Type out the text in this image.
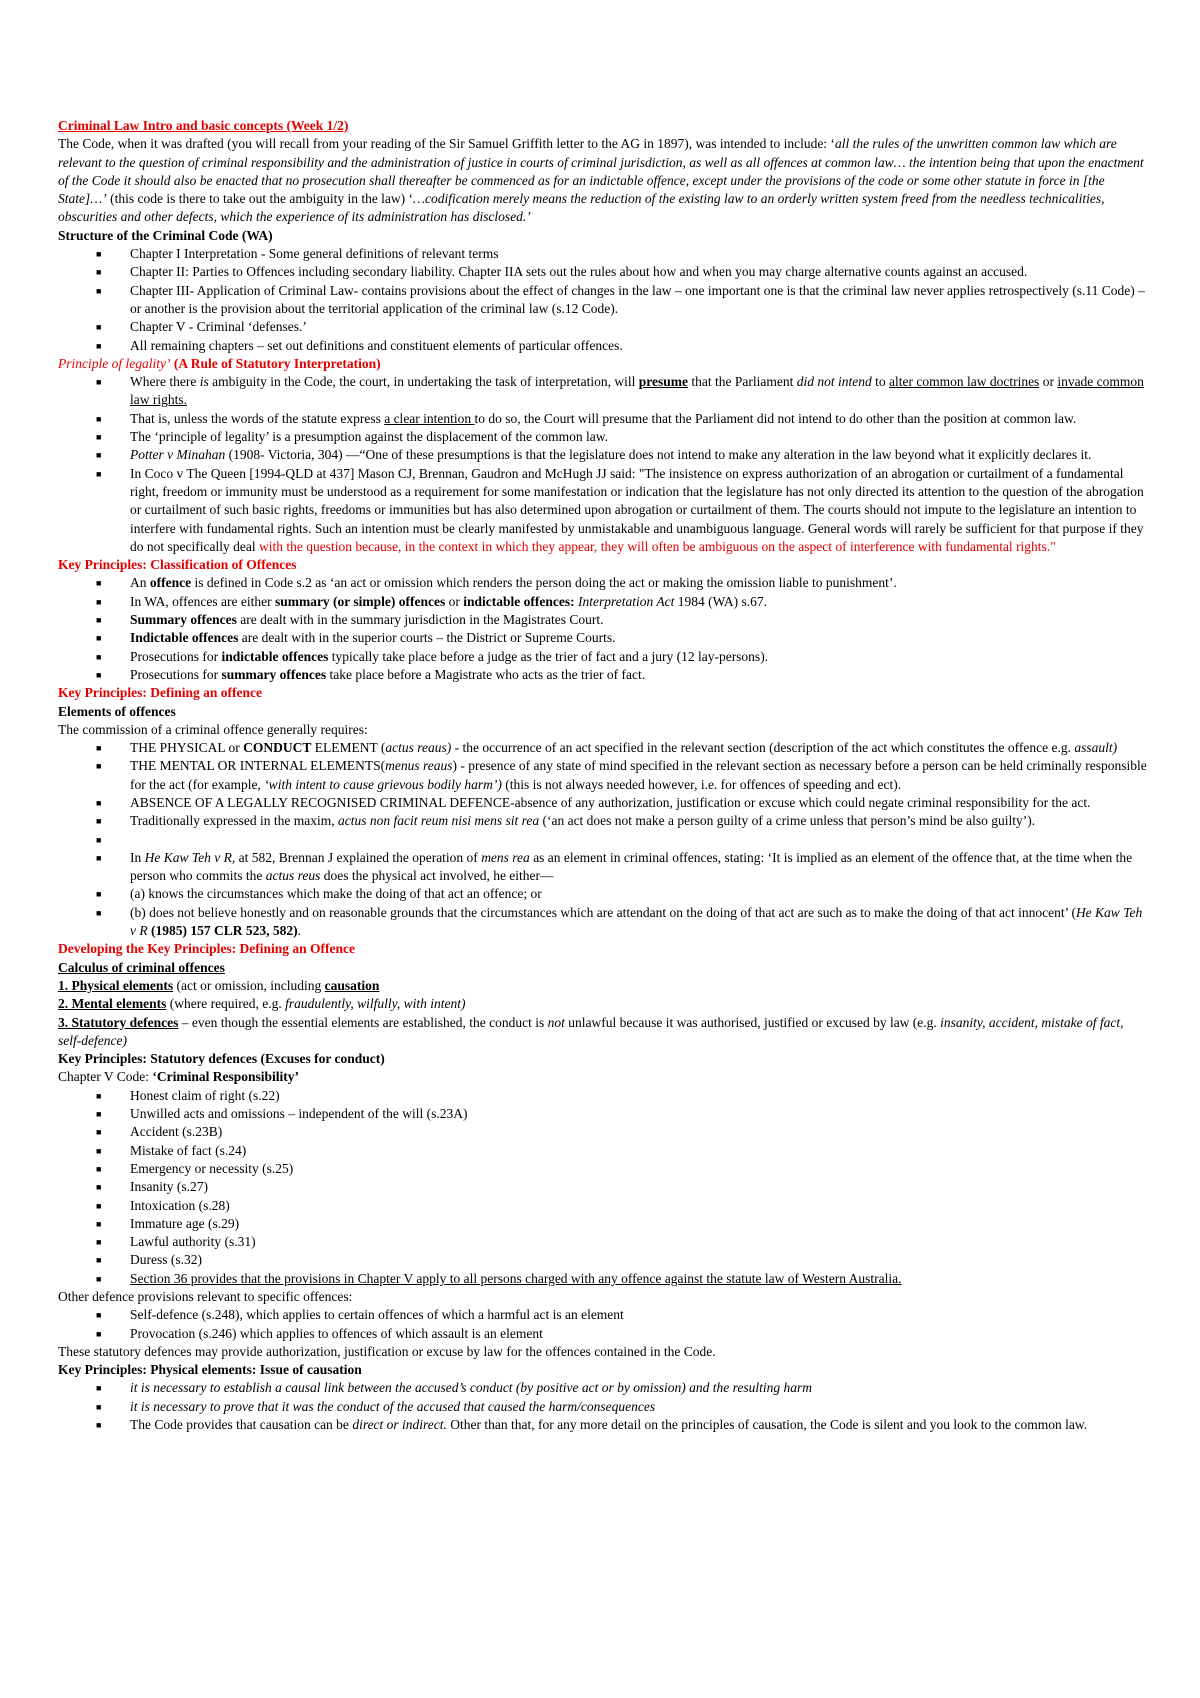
Criminal Law Intro and basic concepts (Week 1/2)

The Code, when it was drafted (you will recall from your reading of the Sir Samuel Griffith letter to the AG in 1897), was intended to include: ‘all the rules of the unwritten common law which are relevant to the question of criminal responsibility and the administration of justice in courts of criminal jurisdiction, as well as all offences at common law… the intention being that upon the enactment of the Code it should also be enacted that no prosecution shall thereafter be commenced as for an indictable offence, except under the provisions of the code or some other statute in force in [the State]…’ (this code is there to take out the ambiguity in the law) ‘…codification merely means the reduction of the existing law to an orderly written system freed from the needless technicalities, obscurities and other defects, which the experience of its administration has disclosed.’

Structure of the Criminal Code (WA)

■ Chapter I Interpretation - Some general definitions of relevant terms
■ Chapter II: Parties to Offences including secondary liability. Chapter IIA sets out the rules about how and when you may charge alternative counts against an accused.
■ Chapter III- Application of Criminal Law- contains provisions about the effect of changes in the law – one important one is that the criminal law never applies retrospectively (s.11 Code) – or another is the provision about the territorial application of the criminal law (s.12 Code).
■ Chapter V - Criminal ‘defenses.’
■ All remaining chapters – set out definitions and constituent elements of particular offences.

Principle of legality’ (A Rule of Statutory Interpretation)

■ Where there is ambiguity in the Code, the court, in undertaking the task of interpretation, will presume that the Parliament did not intend to alter common law doctrines or invade common law rights.
■ That is, unless the words of the statute express a clear intention to do so, the Court will presume that the Parliament did not intend to do other than the position at common law.
■ The ‘principle of legality’ is a presumption against the displacement of the common law.
■ Potter v Minahan (1908- Victoria, 304) —“One of these presumptions is that the legislature does not intend to make any alteration in the law beyond what it explicitly declares it.
■ In Coco v The Queen [1994-QLD at 437] Mason CJ, Brennan, Gaudron and McHugh JJ said: "The insistence on express authorization of an abrogation or curtailment of a fundamental right, freedom or immunity must be understood as a requirement for some manifestation or indication that the legislature has not only directed its attention to the question of the abrogation or curtailment of such basic rights, freedoms or immunities but has also determined upon abrogation or curtailment of them. The courts should not impute to the legislature an intention to interfere with fundamental rights. Such an intention must be clearly manifested by unmistakable and unambiguous language. General words will rarely be sufficient for that purpose if they do not specifically deal with the question because, in the context in which they appear, they will often be ambiguous on the aspect of interference with fundamental rights."

Key Principles: Classification of Offences

■ An offence is defined in Code s.2 as ‘an act or omission which renders the person doing the act or making the omission liable to punishment’.
■ In WA, offences are either summary (or simple) offences or indictable offences: Interpretation Act 1984 (WA) s.67.
■ Summary offences are dealt with in the summary jurisdiction in the Magistrates Court.
■ Indictable offences are dealt with in the superior courts – the District or Supreme Courts.
■ Prosecutions for indictable offences typically take place before a judge as the trier of fact and a jury (12 lay-persons).
■ Prosecutions for summary offences take place before a Magistrate who acts as the trier of fact.

Key Principles: Defining an offence

Elements of offences

The commission of a criminal offence generally requires:

■ THE PHYSICAL or CONDUCT ELEMENT (actus reaus) - the occurrence of an act specified in the relevant section (description of the act which constitutes the offence e.g. assault)
■ THE MENTAL OR INTERNAL ELEMENTS(menus reaus) - presence of any state of mind specified in the relevant section as necessary before a person can be held criminally responsible for the act (for example, ‘with intent to cause grievous bodily harm’) (this is not always needed however, i.e. for offences of speeding and ect).
■ ABSENCE OF A LEGALLY RECOGNISED CRIMINAL DEFENCE-absence of any authorization, justification or excuse which could negate criminal responsibility for the act.
■ Traditionally expressed in the maxim, actus non facit reum nisi mens sit rea (‘an act does not make a person guilty of a crime unless that person’s mind be also guilty’).
■

■ In He Kaw Teh v R, at 582, Brennan J explained the operation of mens rea as an element in criminal offences, stating: ‘It is implied as an element of the offence that, at the time when the person who commits the actus reus does the physical act involved, he either—
■ (a) knows the circumstances which make the doing of that act an offence; or
■ (b) does not believe honestly and on reasonable grounds that the circumstances which are attendant on the doing of that act are such as to make the doing of that act innocent’ (He Kaw Teh v R (1985) 157 CLR 523, 582).

Developing the Key Principles: Defining an Offence

Calculus of criminal offences

1. Physical elements (act or omission, including causation

2. Mental elements (where required, e.g. fraudulently, wilfully, with intent)

3. Statutory defences – even though the essential elements are established, the conduct is not unlawful because it was authorised, justified or excused by law (e.g. insanity, accident, mistake of fact, self-defence)

Key Principles: Statutory defences (Excuses for conduct)

Chapter V Code: ‘Criminal Responsibility’

■ Honest claim of right (s.22)
■ Unwilled acts and omissions – independent of the will (s.23A)
■ Accident (s.23B)
■ Mistake of fact (s.24)
■ Emergency or necessity (s.25)
■ Insanity (s.27)
■ Intoxication (s.28)
■ Immature age (s.29)
■ Lawful authority (s.31)
■ Duress (s.32)
■ Section 36 provides that the provisions in Chapter V apply to all persons charged with any offence against the statute law of Western Australia.

Other defence provisions relevant to specific offences:

■ Self-defence (s.248), which applies to certain offences of which a harmful act is an element
■ Provocation (s.246) which applies to offences of which assault is an element

These statutory defences may provide authorization, justification or excuse by law for the offences contained in the Code.

Key Principles: Physical elements: Issue of causation

■ it is necessary to establish a causal link between the accused’s conduct (by positive act or by omission) and the resulting harm
■ it is necessary to prove that it was the conduct of the accused that caused the harm/consequences
■ The Code provides that causation can be direct or indirect. Other than that, for any more detail on the principles of causation, the Code is silent and you look to the common law.
